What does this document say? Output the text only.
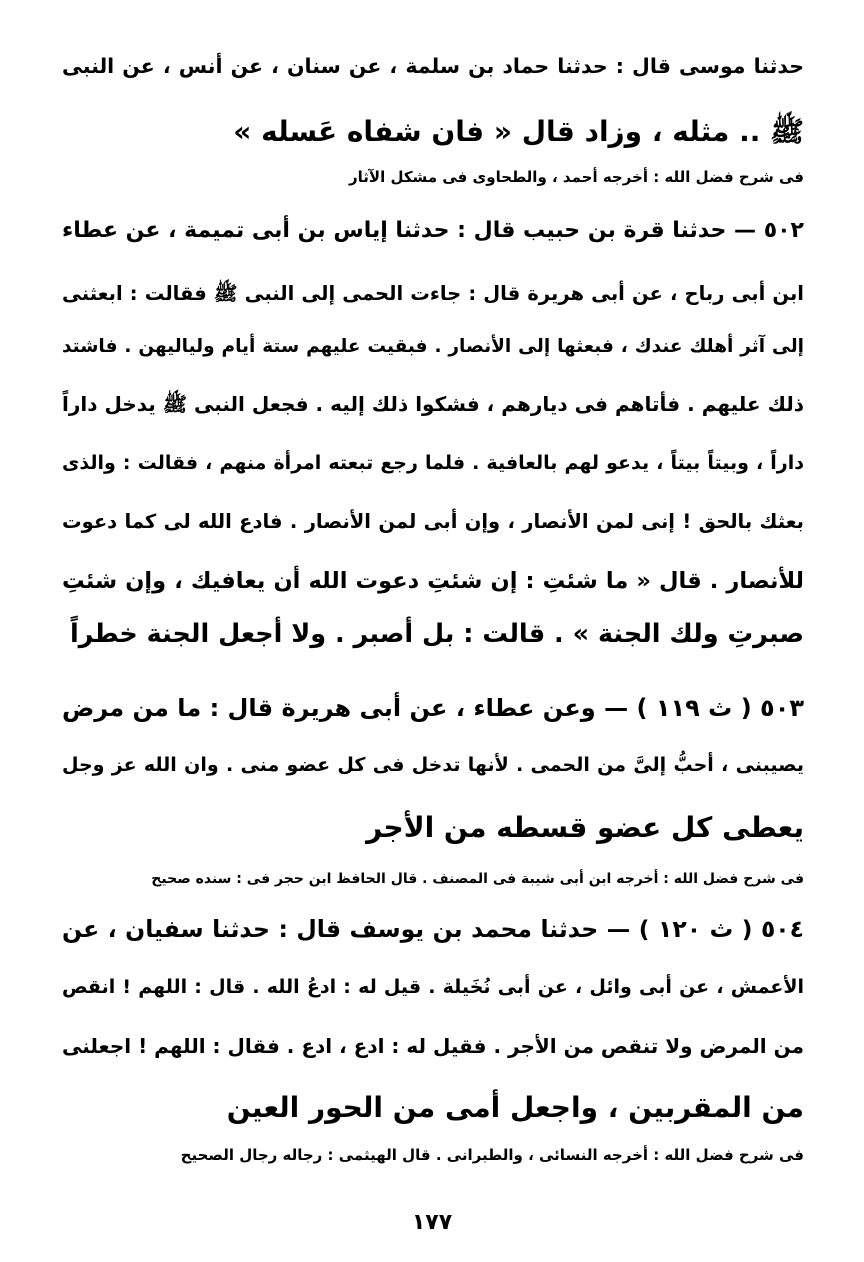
حدثنا موسى قال : حدثنا حماد بن سلمة ، عن سنان ، عن أنس ، عن النبى
ﷺ .. مثله ، وزاد قال « فان شفاه عَسله »
فى شرح فضل الله : أخرجه أحمد ، والطحاوى فى مشكل الآثار
٥٠٢ — حدثنا قرة بن حبيب قال : حدثنا إياس بن أبى تميمة ، عن عطاء
ابن أبى رباح ، عن أبى هريرة قال : جاءت الحمى إلى النبى ﷺ فقالت : ابعثنى
إلى آثر أهلك عندك ، فبعثها إلى الأنصار . فبقيت عليهم ستة أيام ولياليهن . فاشتد
ذلك عليهم . فأتاهم فى ديارهم ، فشكوا ذلك إليه . فجعل النبى ﷺ يدخل داراً
داراً ، وبيتاً بيتاً ، يدعو لهم بالعافية . فلما رجع تبعته امرأة منهم ، فقالت : والذى
بعثك بالحق ! إنى لمن الأنصار ، وإن أبى لمن الأنصار . فادع الله لى كما دعوت
للأنصار . قال « ما شئتِ : إن شئتِ دعوت الله أن يعافيك ، وإن شئتِ
صبرتِ ولك الجنة » . قالت : بل أصبر . ولا أجعل الجنة خطراً
٥٠٣ ( ث ١١٩ ) — وعن عطاء ، عن أبى هريرة قال : ما من مرض
يصيبنى ، أحبُّ إلىَّ من الحمى . لأنها تدخل فى كل عضو منى . وان الله عز وجل
يعطى كل عضو قسطه من الأجر
فى شرح فضل الله : أخرجه ابن أبى شيبة فى المصنف . قال الحافظ ابن حجر فى : سنده صحيح
٥٠٤ ( ث ١٢٠ ) — حدثنا محمد بن يوسف قال : حدثنا سفيان ، عن
الأعمش ، عن أبى وائل ، عن أبى نُخَيلة . قيل له : ادعُ الله . قال : اللهم ! انقص
من المرض ولا تنقص من الأجر . فقيل له : ادع ، ادع . فقال : اللهم ! اجعلنى
من المقربين ، واجعل أمى من الحور العين
فى شرح فضل الله : أخرجه النسائى ، والطبرانى . قال الهيثمى : رجاله رجال الصحيح
١٧٧
